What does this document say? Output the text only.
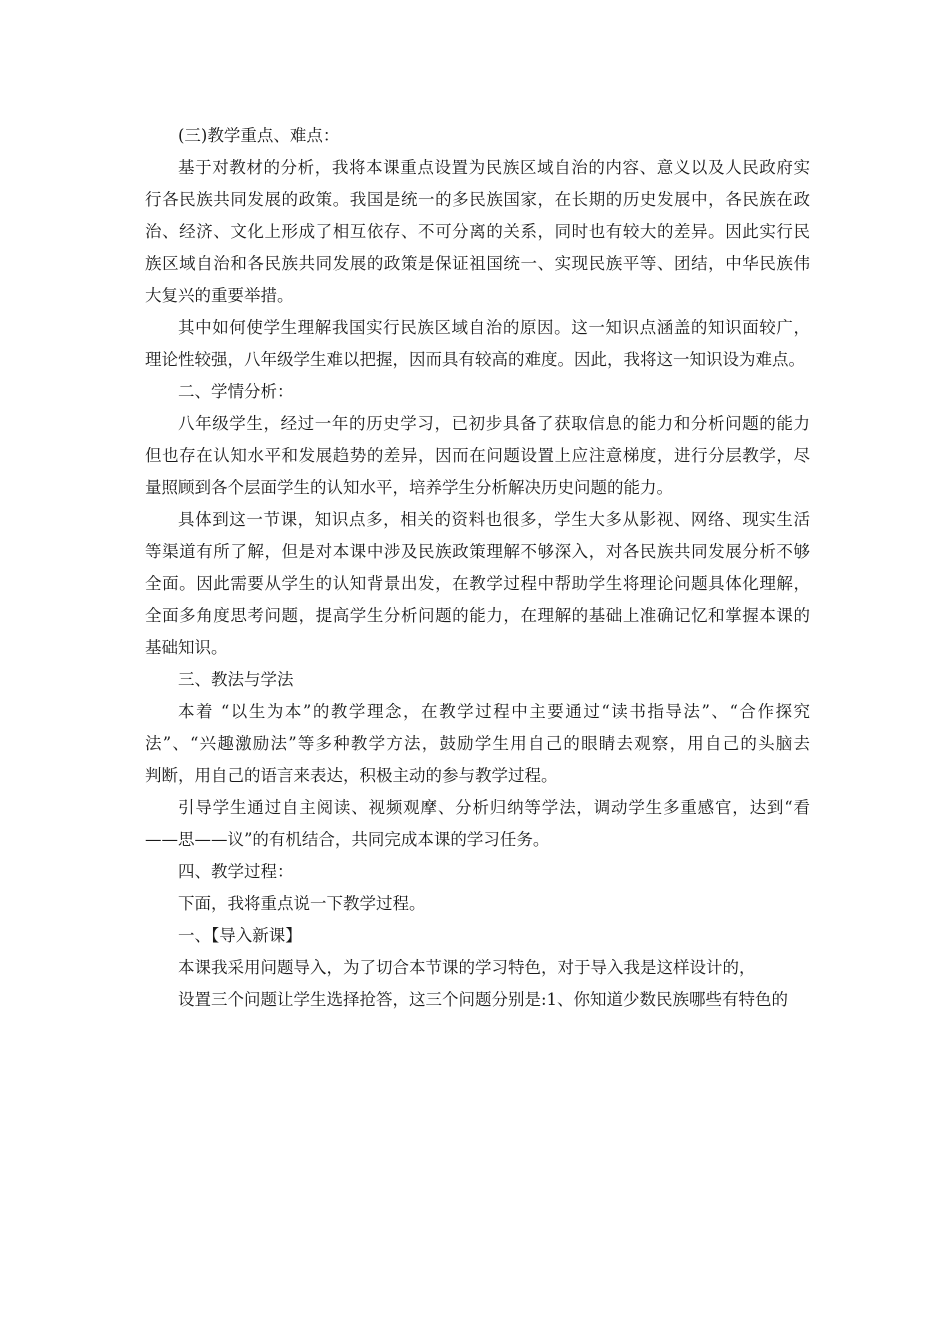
(三)教学重点、难点：
基于对教材的分析，我将本课重点设置为民族区域自治的内容、意义以及人民政府实
行各民族共同发展的政策。我国是统一的多民族国家，在长期的历史发展中，各民族在政
治、经济、文化上形成了相互依存、不可分离的关系，同时也有较大的差异。因此实行民
族区域自治和各民族共同发展的政策是保证祖国统一、实现民族平等、团结，中华民族伟
大复兴的重要举措。
其中如何使学生理解我国实行民族区域自治的原因。这一知识点涵盖的知识面较广，
理论性较强，八年级学生难以把握，因而具有较高的难度。因此，我将这一知识设为难点。
二、学情分析：
八年级学生，经过一年的历史学习，已初步具备了获取信息的能力和分析问题的能力
但也存在认知水平和发展趋势的差异，因而在问题设置上应注意梯度，进行分层教学，尽
量照顾到各个层面学生的认知水平，培养学生分析解决历史问题的能力。
具体到这一节课，知识点多，相关的资料也很多，学生大多从影视、网络、现实生活
等渠道有所了解，但是对本课中涉及民族政策理解不够深入，对各民族共同发展分析不够
全面。因此需要从学生的认知背景出发，在教学过程中帮助学生将理论问题具体化理解，
全面多角度思考问题，提高学生分析问题的能力，在理解的基础上准确记忆和掌握本课的
基础知识。
三、教法与学法
本着 “以生为本”的教学理念，在教学过程中主要通过“读书指导法”、“合作探究
法”、“兴趣激励法”等多种教学方法，鼓励学生用自己的眼睛去观察，用自己的头脑去
判断，用自己的语言来表达，积极主动的参与教学过程。
引导学生通过自主阅读、视频观摩、分析归纳等学法，调动学生多重感官，达到“看
——思——议”的有机结合，共同完成本课的学习任务。
四、教学过程：
下面，我将重点说一下教学过程。
一、【导入新课】
本课我采用问题导入，为了切合本节课的学习特色，对于导入我是这样设计的，
设置三个问题让学生选择抢答，这三个问题分别是:1、你知道少数民族哪些有特色的
